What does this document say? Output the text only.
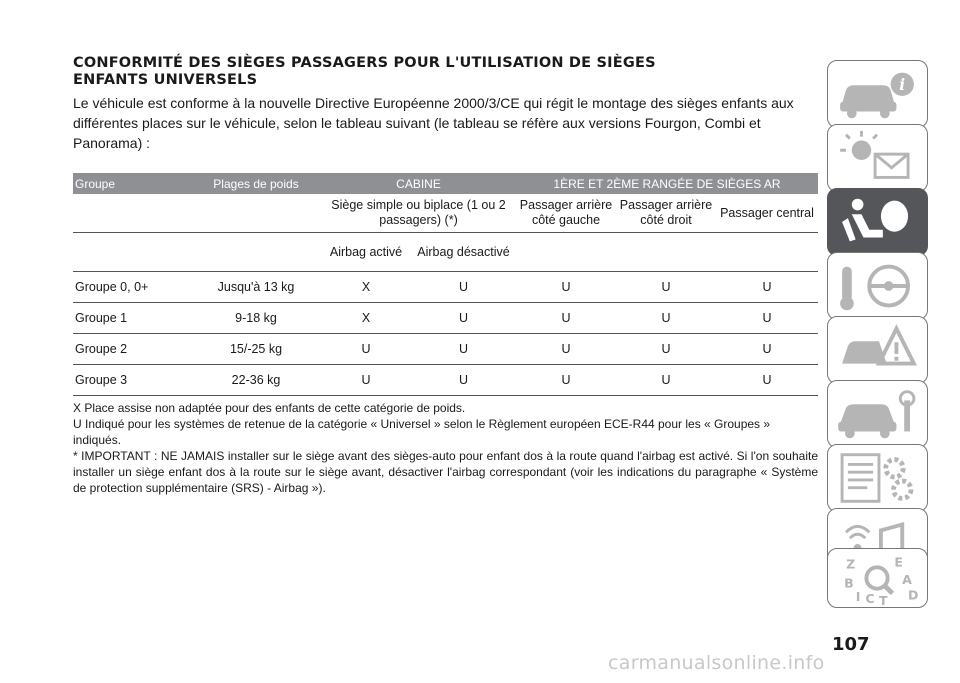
CONFORMITÉ DES SIÈGES PASSAGERS POUR L'UTILISATION DE SIÈGES
ENFANTS UNIVERSELS

Le véhicule est conforme à la nouvelle Directive Européenne 2000/3/CE qui régit le montage des sièges enfants aux différentes places sur le véhicule, selon le tableau suivant (le tableau se réfère aux versions Fourgon, Combi et Panorama) :

Groupe	Plages de poids	CABINE		1ÈRE ET 2ÈME RANGÉE DE SIÈGES AR		
		Siège simple ou biplace (1 ou 2 passagers) (*)		Passager arrière côté gauche	Passager arrière côté droit	Passager central
		Airbag activé	Airbag désactivé			
Groupe 0, 0+	Jusqu'à 13 kg	X	U	U	U	U
Groupe 1	9-18 kg	X	U	U	U	U
Groupe 2	15/-25 kg	U	U	U	U	U
Groupe 3	22-36 kg	U	U	U	U	U
X Place assise non adaptée pour des enfants de cette catégorie de poids.
U Indiqué pour les systèmes de retenue de la catégorie « Universel » selon le Règlement européen ECE-R44 pour les « Groupes » indiqués.
* IMPORTANT : NE JAMAIS installer sur le siège avant des sièges-auto pour enfant dos à la route quand l'airbag est activé. Si l'on souhaite installer un siège enfant dos à la route sur le siège avant, désactiver l'airbag correspondant (voir les indications du paragraphe « Système de protection supplémentaire (SRS) - Airbag »).
i
Z	E
B	A
I C T D
107
carmanualsonline.info
